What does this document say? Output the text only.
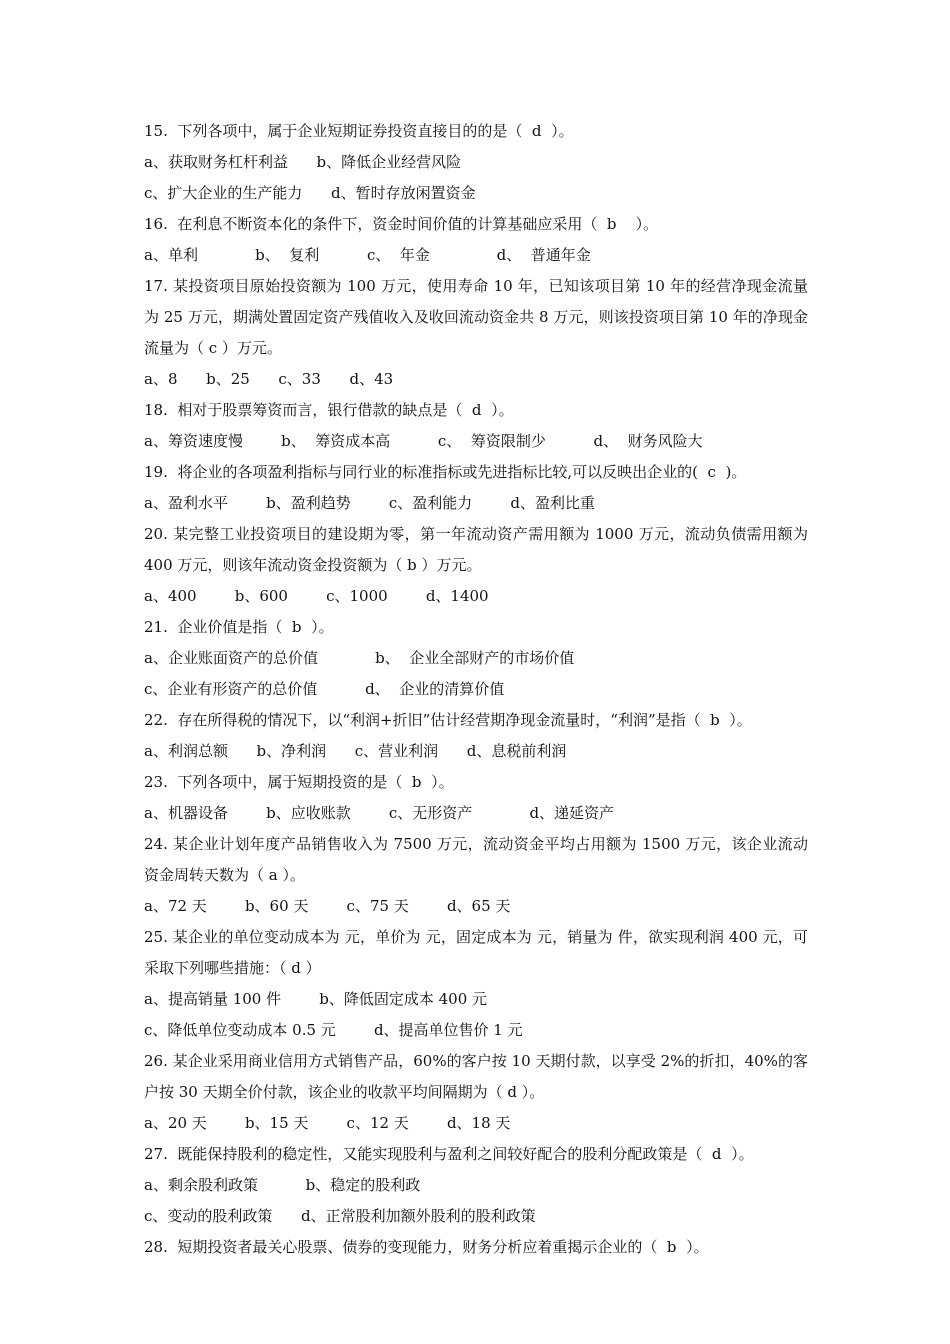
15.  下列各项中，属于企业短期证券投资直接目的的是（  d  ）。
a、获取财务杠杆利益      b、降低企业经营风险
c、扩大企业的生产能力      d、暂时存放闲置资金
16.  在利息不断资本化的条件下，资金时间价值的计算基础应采用（  b    ）。
a、单利            b、  复利          c、  年金              d、  普通年金

17. 某投资项目原始投资额为 100 万元，使用寿命 10 年，已知该项目第 10 年的经营净现金流量为 25 万元，期满处置固定资产残值收入及收回流动资金共 8 万元，则该投资项目第 10 年的净现金流量为（ c ）万元。

a、8      b、25      c、33      d、43
18.  相对于股票筹资而言，银行借款的缺点是（  d  ）。
a、筹资速度慢        b、  筹资成本高          c、  筹资限制少          d、  财务风险大
19.  将企业的各项盈利指标与同行业的标准指标或先进指标比较,可以反映出企业的(  c  )。
a、盈利水平        b、盈利趋势        c、盈利能力        d、盈利比重

20. 某完整工业投资项目的建设期为零，第一年流动资产需用额为 1000 万元，流动负债需用额为 400 万元，则该年流动资金投资额为（ b ）万元。

a、400        b、600        c、1000        d、1400
21.  企业价值是指（  b  ）。
a、企业账面资产的总价值            b、  企业全部财产的市场价值
c、企业有形资产的总价值          d、  企业的清算价值
22.  存在所得税的情况下，以“利润+折旧”估计经营期净现金流量时，“利润”是指（  b  ）。
a、利润总额      b、净利润      c、营业利润      d、息税前利润
23.  下列各项中，属于短期投资的是（  b  ）。
a、机器设备        b、应收账款        c、无形资产            d、递延资产

24. 某企业计划年度产品销售收入为 7500 万元，流动资金平均占用额为 1500 万元，该企业流动资金周转天数为（ a ）。

a、72 天        b、60 天        c、75 天        d、65 天

25. 某企业的单位变动成本为 元，单价为 元，固定成本为 元，销量为 件，欲实现利润 400 元，可采取下列哪些措施：（ d ）

a、提高销量 100 件        b、降低固定成本 400 元
c、降低单位变动成本 0.5 元        d、提高单位售价 1 元

26. 某企业采用商业信用方式销售产品，60%的客户按 10 天期付款，以享受 2%的折扣，40%的客户按 30 天期全价付款，该企业的收款平均间隔期为（ d ）。

a、20 天        b、15 天        c、12 天        d、18 天
27.  既能保持股利的稳定性，又能实现股利与盈利之间较好配合的股利分配政策是（  d  ）。
a、剩余股利政策          b、稳定的股利政
c、变动的股利政策      d、正常股利加额外股利的股利政策
28.  短期投资者最关心股票、债券的变现能力，财务分析应着重揭示企业的（  b  ）。
